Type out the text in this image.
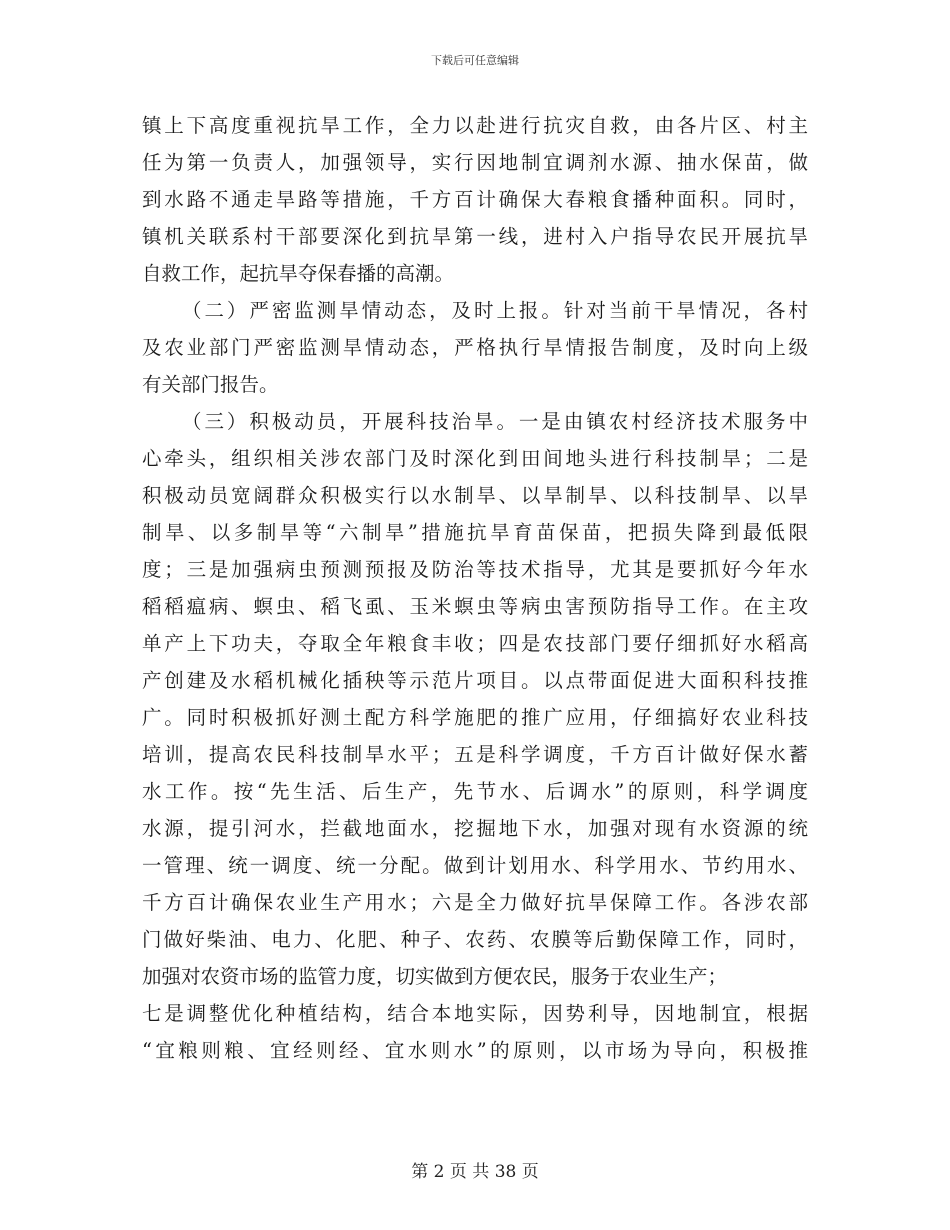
下载后可任意编辑
镇上下高度重视抗旱工作，全力以赴进行抗灾自救，由各片区、村主
任为第一负责人，加强领导，实行因地制宜调剂水源、抽水保苗，做
到水路不通走旱路等措施，千方百计确保大春粮食播种面积。同时，
镇机关联系村干部要深化到抗旱第一线，进村入户指导农民开展抗旱
自救工作，起抗旱夺保春播的高潮。
（二）严密监测旱情动态，及时上报。针对当前干旱情况，各村
及农业部门严密监测旱情动态，严格执行旱情报告制度，及时向上级
有关部门报告。
（三）积极动员，开展科技治旱。一是由镇农村经济技术服务中
心牵头，组织相关涉农部门及时深化到田间地头进行科技制旱；二是
积极动员宽阔群众积极实行以水制旱、以旱制旱、以科技制旱、以旱
制旱、以多制旱等“六制旱”措施抗旱育苗保苗，把损失降到最低限
度；三是加强病虫预测预报及防治等技术指导，尤其是要抓好今年水
稻稻瘟病、螟虫、稻飞虱、玉米螟虫等病虫害预防指导工作。在主攻
单产上下功夫，夺取全年粮食丰收；四是农技部门要仔细抓好水稻高
产创建及水稻机械化插秧等示范片项目。以点带面促进大面积科技推
广。同时积极抓好测土配方科学施肥的推广应用，仔细搞好农业科技
培训，提高农民科技制旱水平；五是科学调度，千方百计做好保水蓄
水工作。按“先生活、后生产，先节水、后调水”的原则，科学调度
水源，提引河水，拦截地面水，挖掘地下水，加强对现有水资源的统
一管理、统一调度、统一分配。做到计划用水、科学用水、节约用水、
千方百计确保农业生产用水；六是全力做好抗旱保障工作。各涉农部
门做好柴油、电力、化肥、种子、农药、农膜等后勤保障工作，同时，
加强对农资市场的监管力度，切实做到方便农民，服务于农业生产；
七是调整优化种植结构，结合本地实际，因势利导，因地制宜，根据
“宜粮则粮、宜经则经、宜水则水”的原则，以市场为导向，积极推
第 2 页 共 38 页
